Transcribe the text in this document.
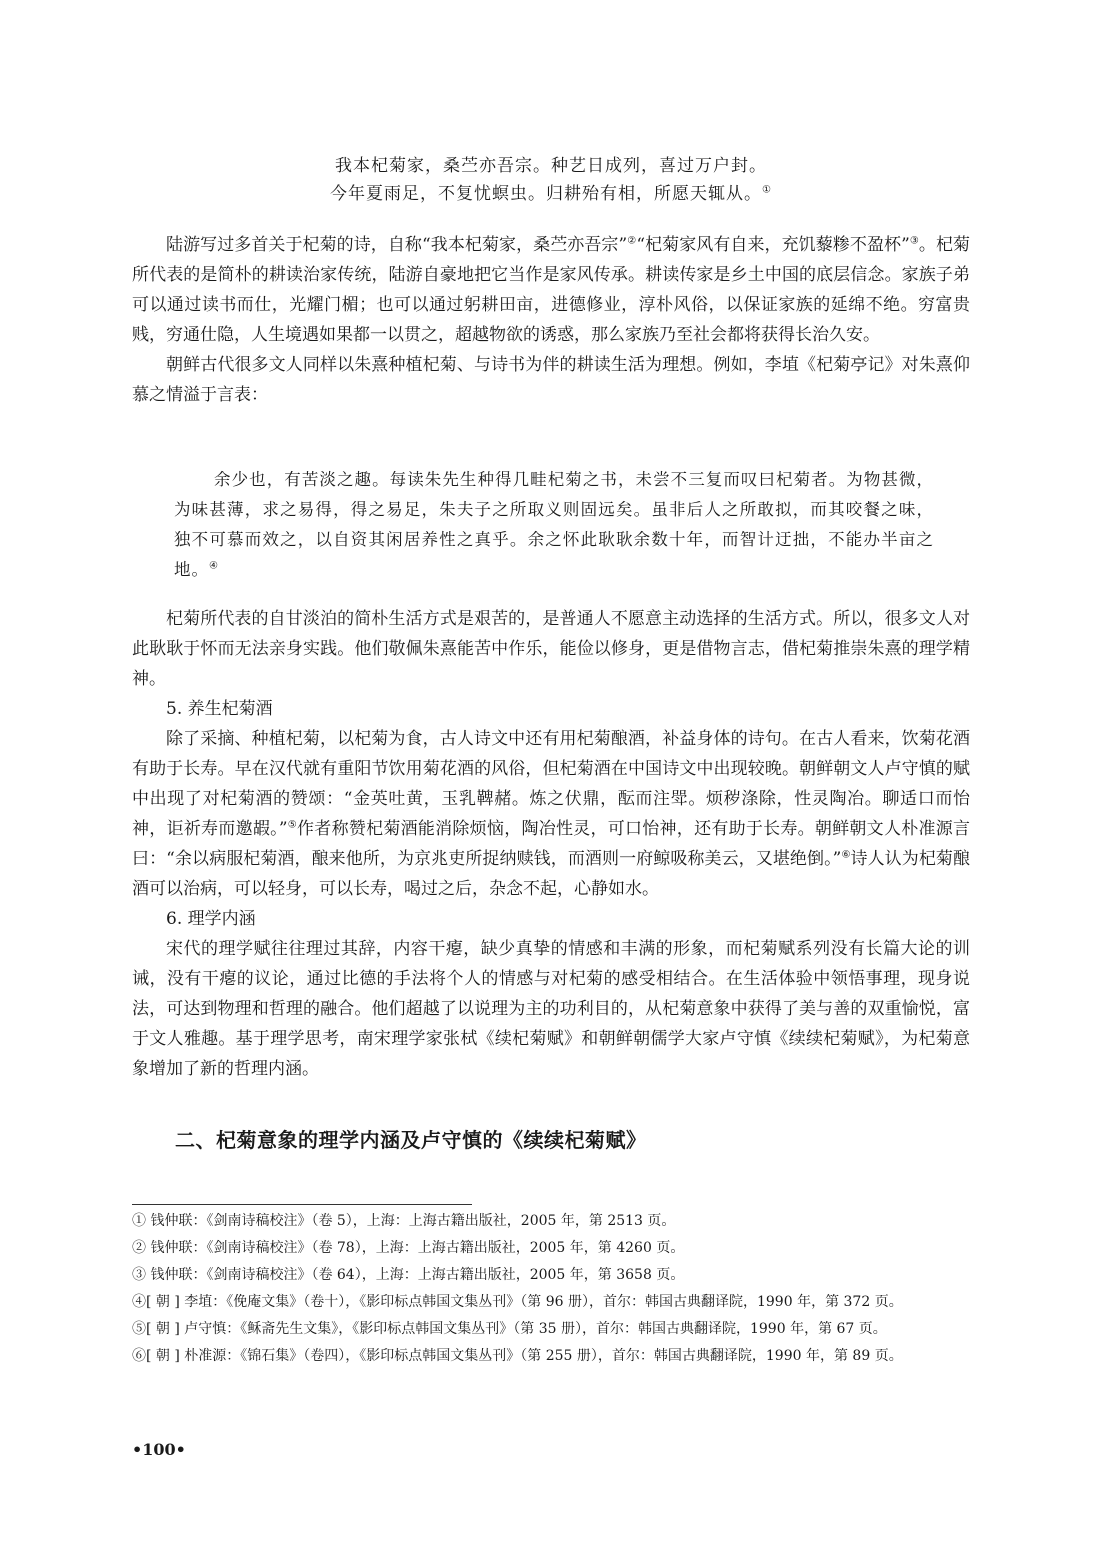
我本杞菊家，桑苎亦吾宗。种艺日成列，喜过万户封。
今年夏雨足，不复忧螟虫。归耕殆有相，所愿天辄从。①

陆游写过多首关于杞菊的诗，自称“我本杞菊家，桑苎亦吾宗”②“杞菊家风有自来，充饥藜糁不盈杯”③。杞菊所代表的是简朴的耕读治家传统，陆游自豪地把它当作是家风传承。耕读传家是乡土中国的底层信念。家族子弟可以通过读书而仕，光耀门楣；也可以通过躬耕田亩，进德修业，淳朴风俗，以保证家族的延绵不绝。穷富贵贱，穷通仕隐，人生境遇如果都一以贯之，超越物欲的诱惑，那么家族乃至社会都将获得长治久安。

朝鲜古代很多文人同样以朱熹种植杞菊、与诗书为伴的耕读生活为理想。例如，李埴《杞菊亭记》对朱熹仰慕之情溢于言表：

余少也，有苦淡之趣。每读朱先生种得几畦杞菊之书，未尝不三复而叹曰杞菊者。为物甚微，为味甚薄，求之易得，得之易足，朱夫子之所取义则固远矣。虽非后人之所敢拟，而其咬餐之味，独不可慕而效之，以自资其闲居养性之真乎。余之怀此耿耿余数十年，而智计迂拙，不能办半亩之地。④

杞菊所代表的自甘淡泊的简朴生活方式是艰苦的，是普通人不愿意主动选择的生活方式。所以，很多文人对此耿耿于怀而无法亲身实践。他们敬佩朱熹能苦中作乐，能俭以修身，更是借物言志，借杞菊推崇朱熹的理学精神。

5. 养生杞菊酒

除了采摘、种植杞菊，以杞菊为食，古人诗文中还有用杞菊酿酒，补益身体的诗句。在古人看来，饮菊花酒有助于长寿。早在汉代就有重阳节饮用菊花酒的风俗，但杞菊酒在中国诗文中出现较晚。朝鲜朝文人卢守慎的赋中出现了对杞菊酒的赞颂：“金英吐黄，玉乳鞞赭。炼之伏鼎，酝而注斝。烦秽涤除，性灵陶冶。聊适口而怡神，讵祈寿而邀嘏。”⑤作者称赞杞菊酒能消除烦恼，陶冶性灵，可口怡神，还有助于长寿。朝鲜朝文人朴准源言曰：“余以病服杞菊酒，酿来他所，为京兆吏所捉纳赎钱，而酒则一府鲸吸称美云，又堪绝倒。”⑥诗人认为杞菊酿酒可以治病，可以轻身，可以长寿，喝过之后，杂念不起，心静如水。

6. 理学内涵

宋代的理学赋往往理过其辞，内容干瘪，缺少真挚的情感和丰满的形象，而杞菊赋系列没有长篇大论的训诫，没有干瘪的议论，通过比德的手法将个人的情感与对杞菊的感受相结合。在生活体验中领悟事理，现身说法，可达到物理和哲理的融合。他们超越了以说理为主的功利目的，从杞菊意象中获得了美与善的双重愉悦，富于文人雅趣。基于理学思考，南宋理学家张栻《续杞菊赋》和朝鲜朝儒学大家卢守慎《续续杞菊赋》，为杞菊意象增加了新的哲理内涵。

二、杞菊意象的理学内涵及卢守慎的《续续杞菊赋》
① 钱仲联：《剑南诗稿校注》（卷 5），上海：上海古籍出版社，2005 年，第 2513 页。
② 钱仲联：《剑南诗稿校注》（卷 78），上海：上海古籍出版社，2005 年，第 4260 页。
③ 钱仲联：《剑南诗稿校注》（卷 64），上海：上海古籍出版社，2005 年，第 3658 页。
④[ 朝 ] 李埴：《俛庵文集》（卷十），《影印标点韩国文集丛刊》（第 96 册），首尔：韩国古典翻译院，1990 年，第 372 页。
⑤[ 朝 ] 卢守慎：《稣斋先生文集》，《影印标点韩国文集丛刊》（第 35 册），首尔：韩国古典翻译院，1990 年，第 67 页。
⑥[ 朝 ] 朴准源：《锦石集》（卷四），《影印标点韩国文集丛刊》（第 255 册），首尔：韩国古典翻译院，1990 年，第 89 页。
•100•
